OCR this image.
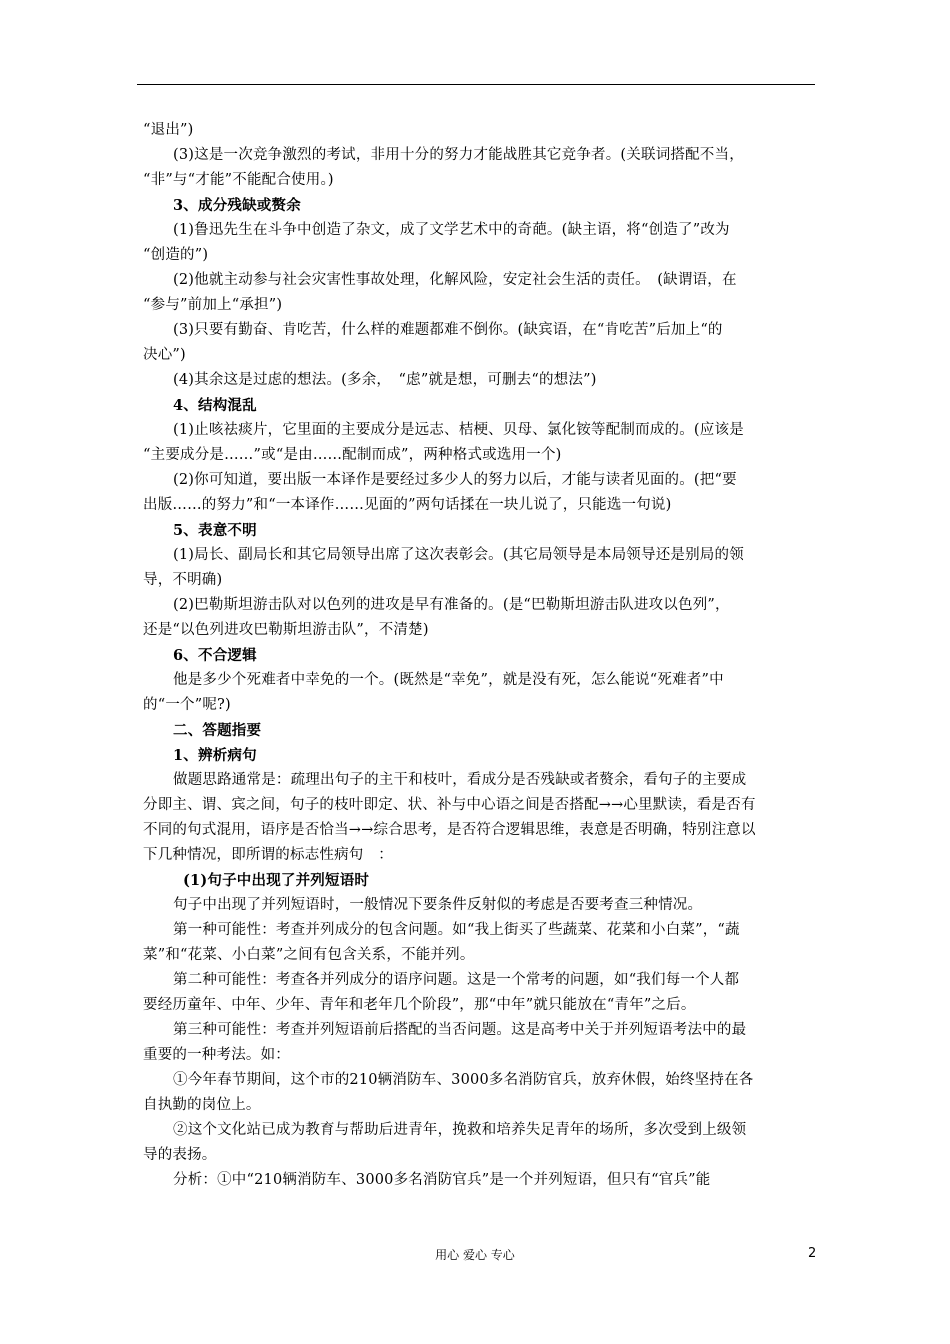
“退出”)

(3)这是一次竞争激烈的考试，非用十分的努力才能战胜其它竞争者。(关联词搭配不当，

“非”与“才能”不能配合使用。)

3、成分残缺或赘余

(1)鲁迅先生在斗争中创造了杂文，成了文学艺术中的奇葩。(缺主语，将“创造了”改为

“创造的”)

(2)他就主动参与社会灾害性事故处理，化解风险，安定社会生活的责任。　(缺谓语，在

“参与”前加上“承担”)

(3)只要有勤奋、肯吃苦，什么样的难题都难不倒你。(缺宾语，在“肯吃苦”后加上“的

决心”)

(4)其余这是过虑的想法。(多余，　“虑”就是想，可删去“的想法”)

4、结构混乱

(1)止咳祛痰片，它里面的主要成分是远志、桔梗、贝母、氯化铵等配制而成的。(应该是

“主要成分是……”或“是由……配制而成”，两种格式或选用一个)

(2)你可知道，要出版一本译作是要经过多少人的努力以后，才能与读者见面的。(把“要

出版……的努力”和“一本译作……见面的”两句话揉在一块儿说了，只能选一句说)

5、表意不明

(1)局长、副局长和其它局领导出席了这次表彰会。(其它局领导是本局领导还是别局的领

导，不明确)

(2)巴勒斯坦游击队对以色列的进攻是早有准备的。(是“巴勒斯坦游击队进攻以色列”，

还是“以色列进攻巴勒斯坦游击队”，不清楚)

6、不合逻辑

他是多少个死难者中幸免的一个。(既然是“幸免”，就是没有死，怎么能说“死难者”中

的“一个”呢?)

二、答题指要

1、辨析病句

做题思路通常是：疏理出句子的主干和枝叶，看成分是否残缺或者赘余，看句子的主要成

分即主、谓、宾之间，句子的枝叶即定、状、补与中心语之间是否搭配→→心里默读，看是否有

不同的句式混用，语序是否恰当→→综合思考，是否符合逻辑思维，表意是否明确，特别注意以

下几种情况，即所谓的标志性病句　：

(1)句子中出现了并列短语时

句子中出现了并列短语时，一般情况下要条件反射似的考虑是否要考查三种情况。

第一种可能性：考查并列成分的包含问题。如“我上街买了些蔬菜、花菜和小白菜”，“蔬

菜”和“花菜、小白菜”之间有包含关系，不能并列。

第二种可能性：考查各并列成分的语序问题。这是一个常考的问题，如“我们每一个人都

要经历童年、中年、少年、青年和老年几个阶段”，那“中年”就只能放在“青年”之后。

第三种可能性：考查并列短语前后搭配的当否问题。这是高考中关于并列短语考法中的最

重要的一种考法。如：

①今年春节期间，这个市的210辆消防车、3000多名消防官兵，放弃休假，始终坚持在各

自执勤的岗位上。

②这个文化站已成为教育与帮助后进青年，挽救和培养失足青年的场所，多次受到上级领

导的表扬。

分析：①中“210辆消防车、3000多名消防官兵”是一个并列短语，但只有“官兵”能

用心 爱心 专心	2
